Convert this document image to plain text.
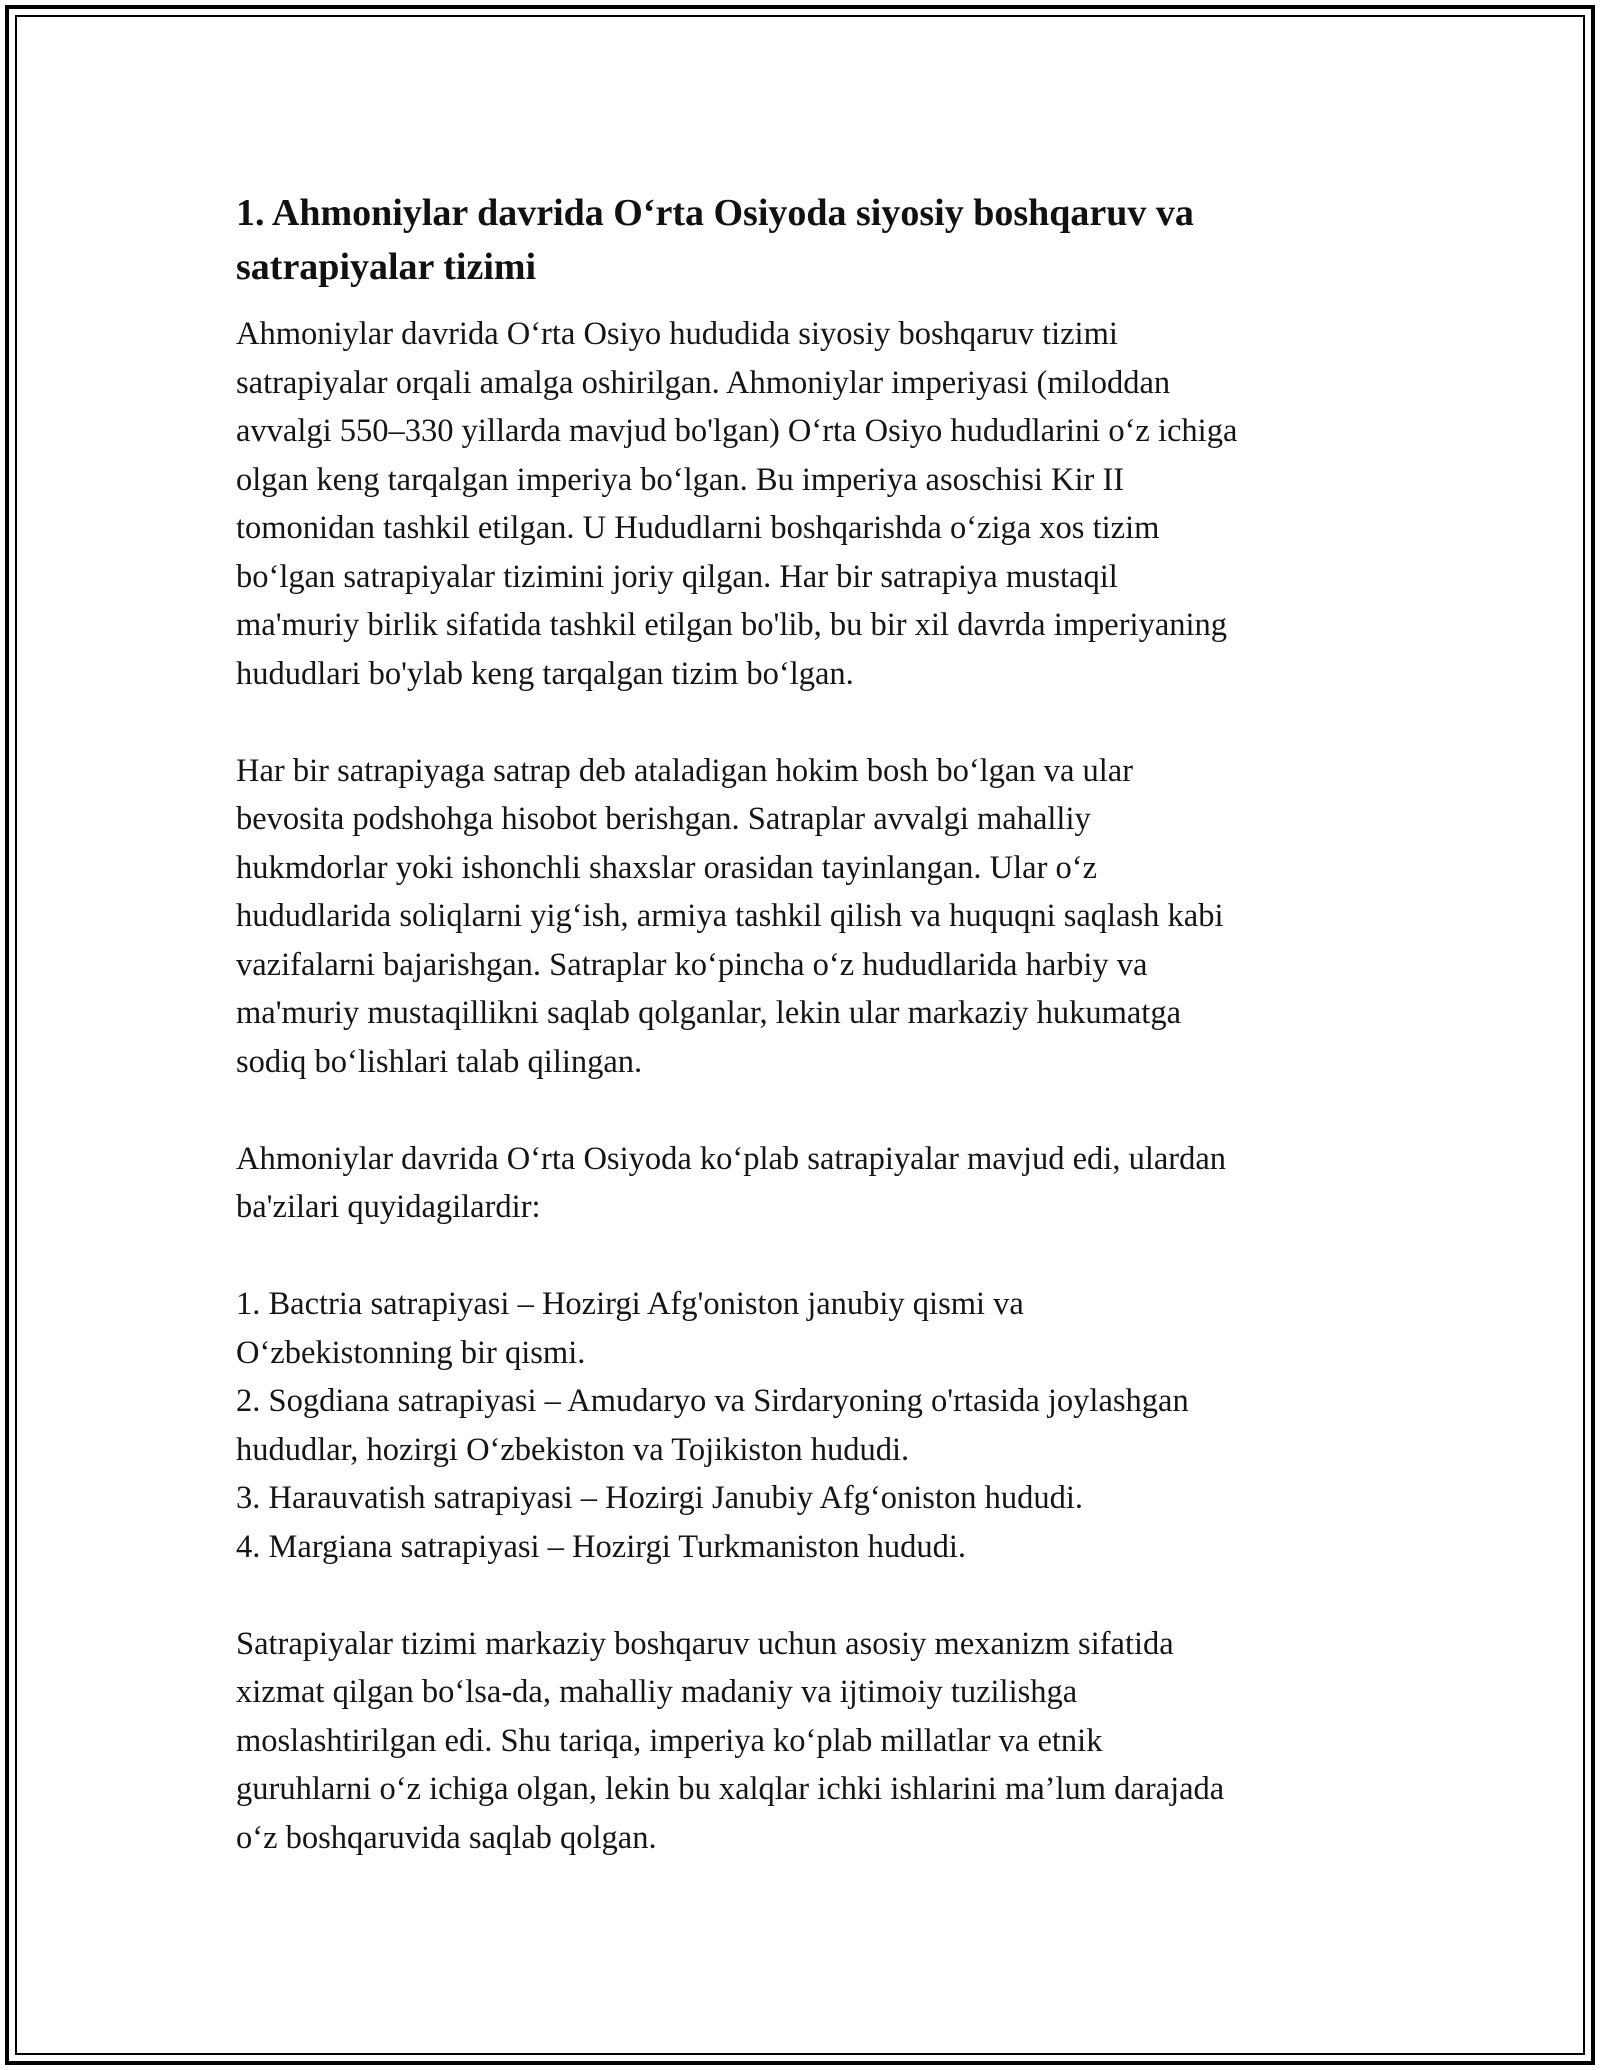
1. Ahmoniylar davrida O‘rta Osiyoda siyosiy boshqaruv va
satrapiyalar tizimi

Ahmoniylar davrida O‘rta Osiyo hududida siyosiy boshqaruv tizimi
satrapiyalar orqali amalga oshirilgan. Ahmoniylar imperiyasi (miloddan
avvalgi 550–330 yillarda mavjud bo'lgan) O‘rta Osiyo hududlarini o‘z ichiga
olgan keng tarqalgan imperiya bo‘lgan. Bu imperiya asoschisi Kir II
tomonidan tashkil etilgan. U Hududlarni boshqarishda o‘ziga xos tizim
bo‘lgan satrapiyalar tizimini joriy qilgan. Har bir satrapiya mustaqil
ma'muriy birlik sifatida tashkil etilgan bo'lib, bu bir xil davrda imperiyaning
hududlari bo'ylab keng tarqalgan tizim bo‘lgan.

Har bir satrapiyaga satrap deb ataladigan hokim bosh bo‘lgan va ular
bevosita podshohga hisobot berishgan. Satraplar avvalgi mahalliy
hukmdorlar yoki ishonchli shaxslar orasidan tayinlangan. Ular o‘z
hududlarida soliqlarni yig‘ish, armiya tashkil qilish va huquqni saqlash kabi
vazifalarni bajarishgan. Satraplar ko‘pincha o‘z hududlarida harbiy va
ma'muriy mustaqillikni saqlab qolganlar, lekin ular markaziy hukumatga
sodiq bo‘lishlari talab qilingan.

Ahmoniylar davrida O‘rta Osiyoda ko‘plab satrapiyalar mavjud edi, ulardan
ba'zilari quyidagilardir:

1. Bactria satrapiyasi – Hozirgi Afg'oniston janubiy qismi va
O‘zbekistonning bir qismi.
2. Sogdiana satrapiyasi – Amudaryo va Sirdaryoning o'rtasida joylashgan
hududlar, hozirgi O‘zbekiston va Tojikiston hududi.
3. Harauvatish satrapiyasi – Hozirgi Janubiy Afg‘oniston hududi.
4. Margiana satrapiyasi – Hozirgi Turkmaniston hududi.

Satrapiyalar tizimi markaziy boshqaruv uchun asosiy mexanizm sifatida
xizmat qilgan bo‘lsa-da, mahalliy madaniy va ijtimoiy tuzilishga
moslashtirilgan edi. Shu tariqa, imperiya ko‘plab millatlar va etnik
guruhlarni o‘z ichiga olgan, lekin bu xalqlar ichki ishlarini ma’lum darajada
o‘z boshqaruvida saqlab qolgan.
